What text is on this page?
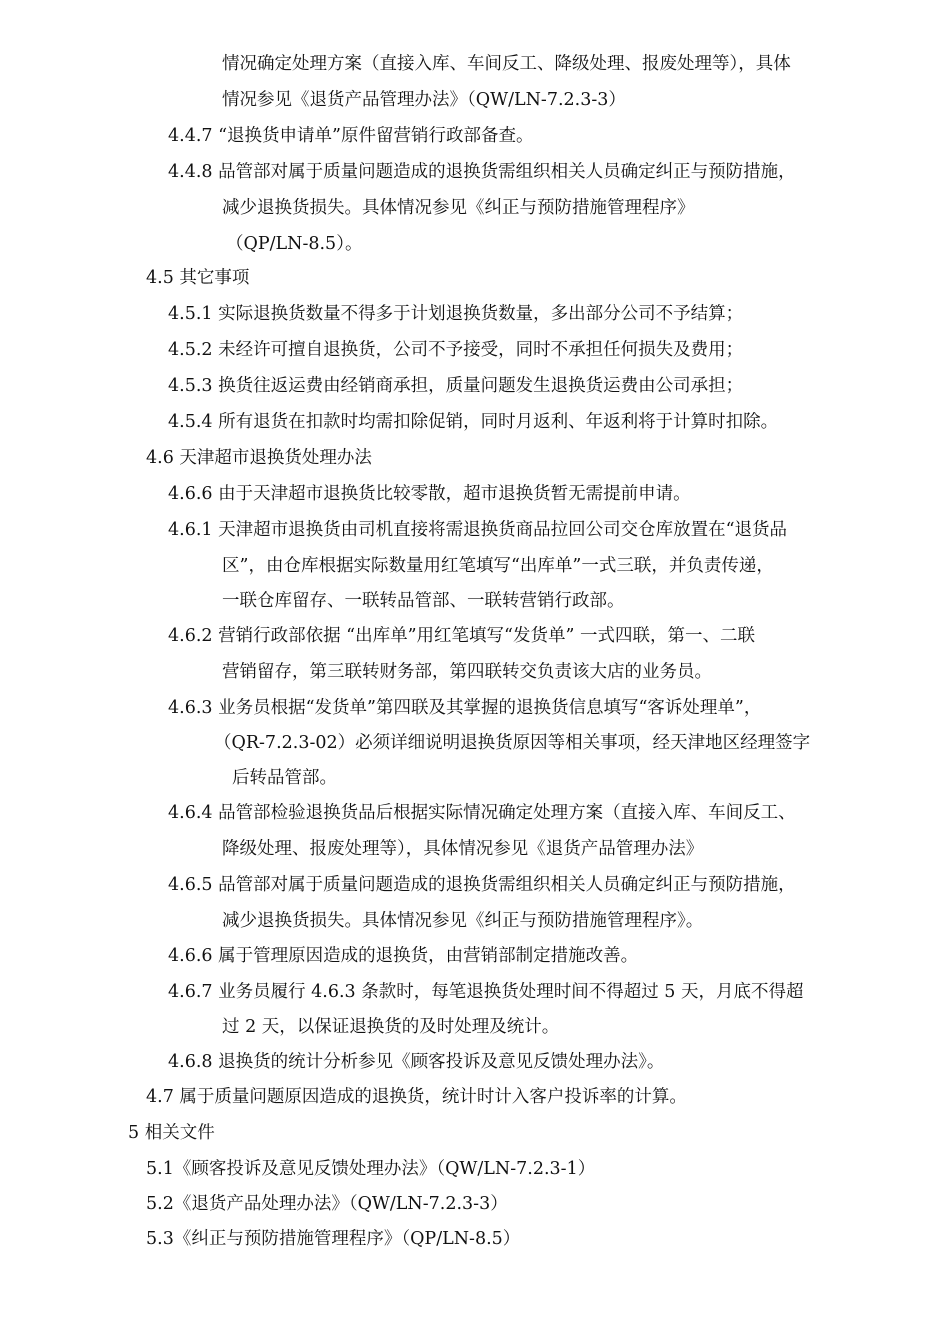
情况确定处理方案（直接入库、车间反工、降级处理、报废处理等），具体
情况参见《退货产品管理办法》（QW/LN-7.2.3-3）
4.4.7 “退换货申请单”原件留营销行政部备查。
4.4.8 品管部对属于质量问题造成的退换货需组织相关人员确定纠正与预防措施，
减少退换货损失。具体情况参见《纠正与预防措施管理程序》
（QP/LN-8.5）。
4.5 其它事项
4.5.1 实际退换货数量不得多于计划退换货数量，多出部分公司不予结算；
4.5.2 未经许可擅自退换货，公司不予接受，同时不承担任何损失及费用；
4.5.3 换货往返运费由经销商承担，质量问题发生退换货运费由公司承担；
4.5.4 所有退货在扣款时均需扣除促销，同时月返利、年返利将于计算时扣除。
4.6 天津超市退换货处理办法
4.6.6 由于天津超市退换货比较零散，超市退换货暂无需提前申请。
4.6.1 天津超市退换货由司机直接将需退换货商品拉回公司交仓库放置在“退货品
区”，由仓库根据实际数量用红笔填写“出库单”一式三联，并负责传递，
一联仓库留存、一联转品管部、一联转营销行政部。
4.6.2 营销行政部依据 “出库单”用红笔填写“发货单” 一式四联，第一、二联
营销留存，第三联转财务部，第四联转交负责该大店的业务员。
4.6.3 业务员根据“发货单”第四联及其掌握的退换货信息填写“客诉处理单”，
（QR-7.2.3-02）必须详细说明退换货原因等相关事项，经天津地区经理签字
后转品管部。
4.6.4 品管部检验退换货品后根据实际情况确定处理方案（直接入库、车间反工、
降级处理、报废处理等），具体情况参见《退货产品管理办法》
4.6.5 品管部对属于质量问题造成的退换货需组织相关人员确定纠正与预防措施，
减少退换货损失。具体情况参见《纠正与预防措施管理程序》。
4.6.6 属于管理原因造成的退换货，由营销部制定措施改善。
4.6.7 业务员履行 4.6.3 条款时，每笔退换货处理时间不得超过 5 天，月底不得超
过 2 天，以保证退换货的及时处理及统计。
4.6.8 退换货的统计分析参见《顾客投诉及意见反馈处理办法》。
4.7 属于质量问题原因造成的退换货，统计时计入客户投诉率的计算。
5 相关文件
5.1《顾客投诉及意见反馈处理办法》（QW/LN-7.2.3-1）
5.2《退货产品处理办法》（QW/LN-7.2.3-3）
5.3《纠正与预防措施管理程序》（QP/LN-8.5）
